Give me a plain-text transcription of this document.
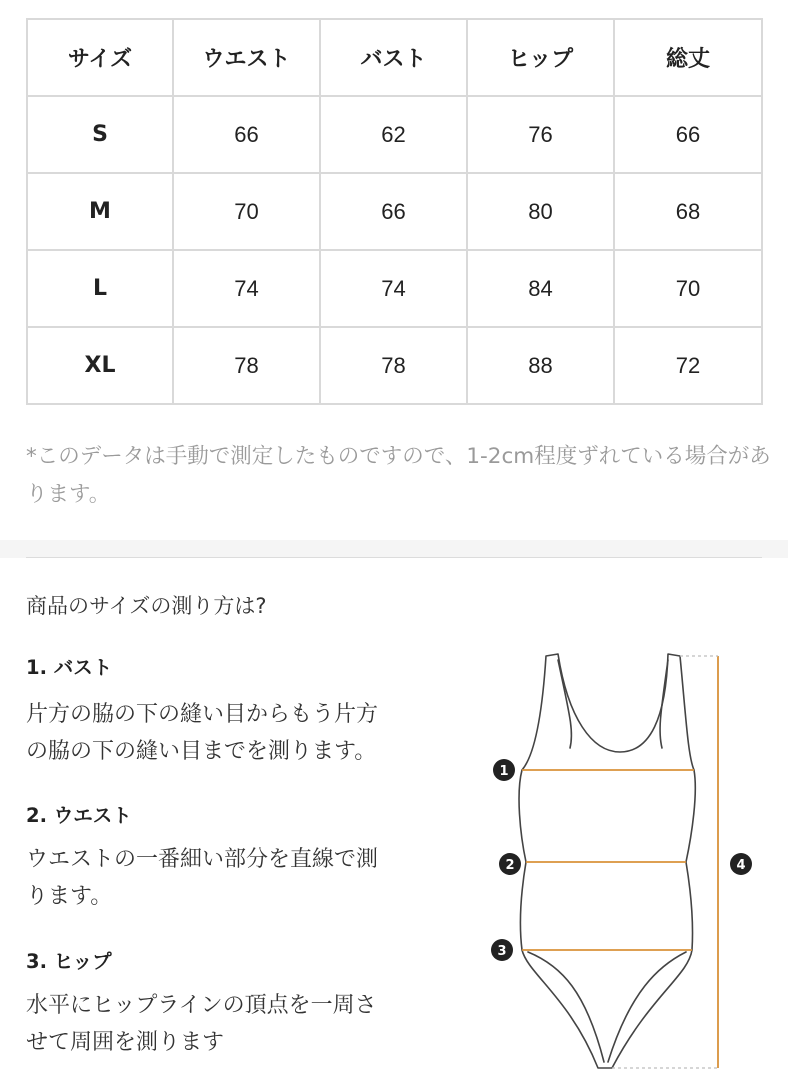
サイズ	ウエスト	バスト	ヒップ	総丈
S	66	62	76	66
M	70	66	80	68
L	74	74	84	70
XL	78	78	88	72
*このデータは手動で測定したものですので、1-2cm程度ずれている場合があります。
商品のサイズの測り方は?
1. バスト
片方の脇の下の縫い目からもう片方
の脇の下の縫い目までを測ります。
2. ウエスト
ウエストの一番細い部分を直線で測
ります。
3. ヒップ
水平にヒップラインの頂点を一周さ
せて周囲を測ります
1
2
3
4
